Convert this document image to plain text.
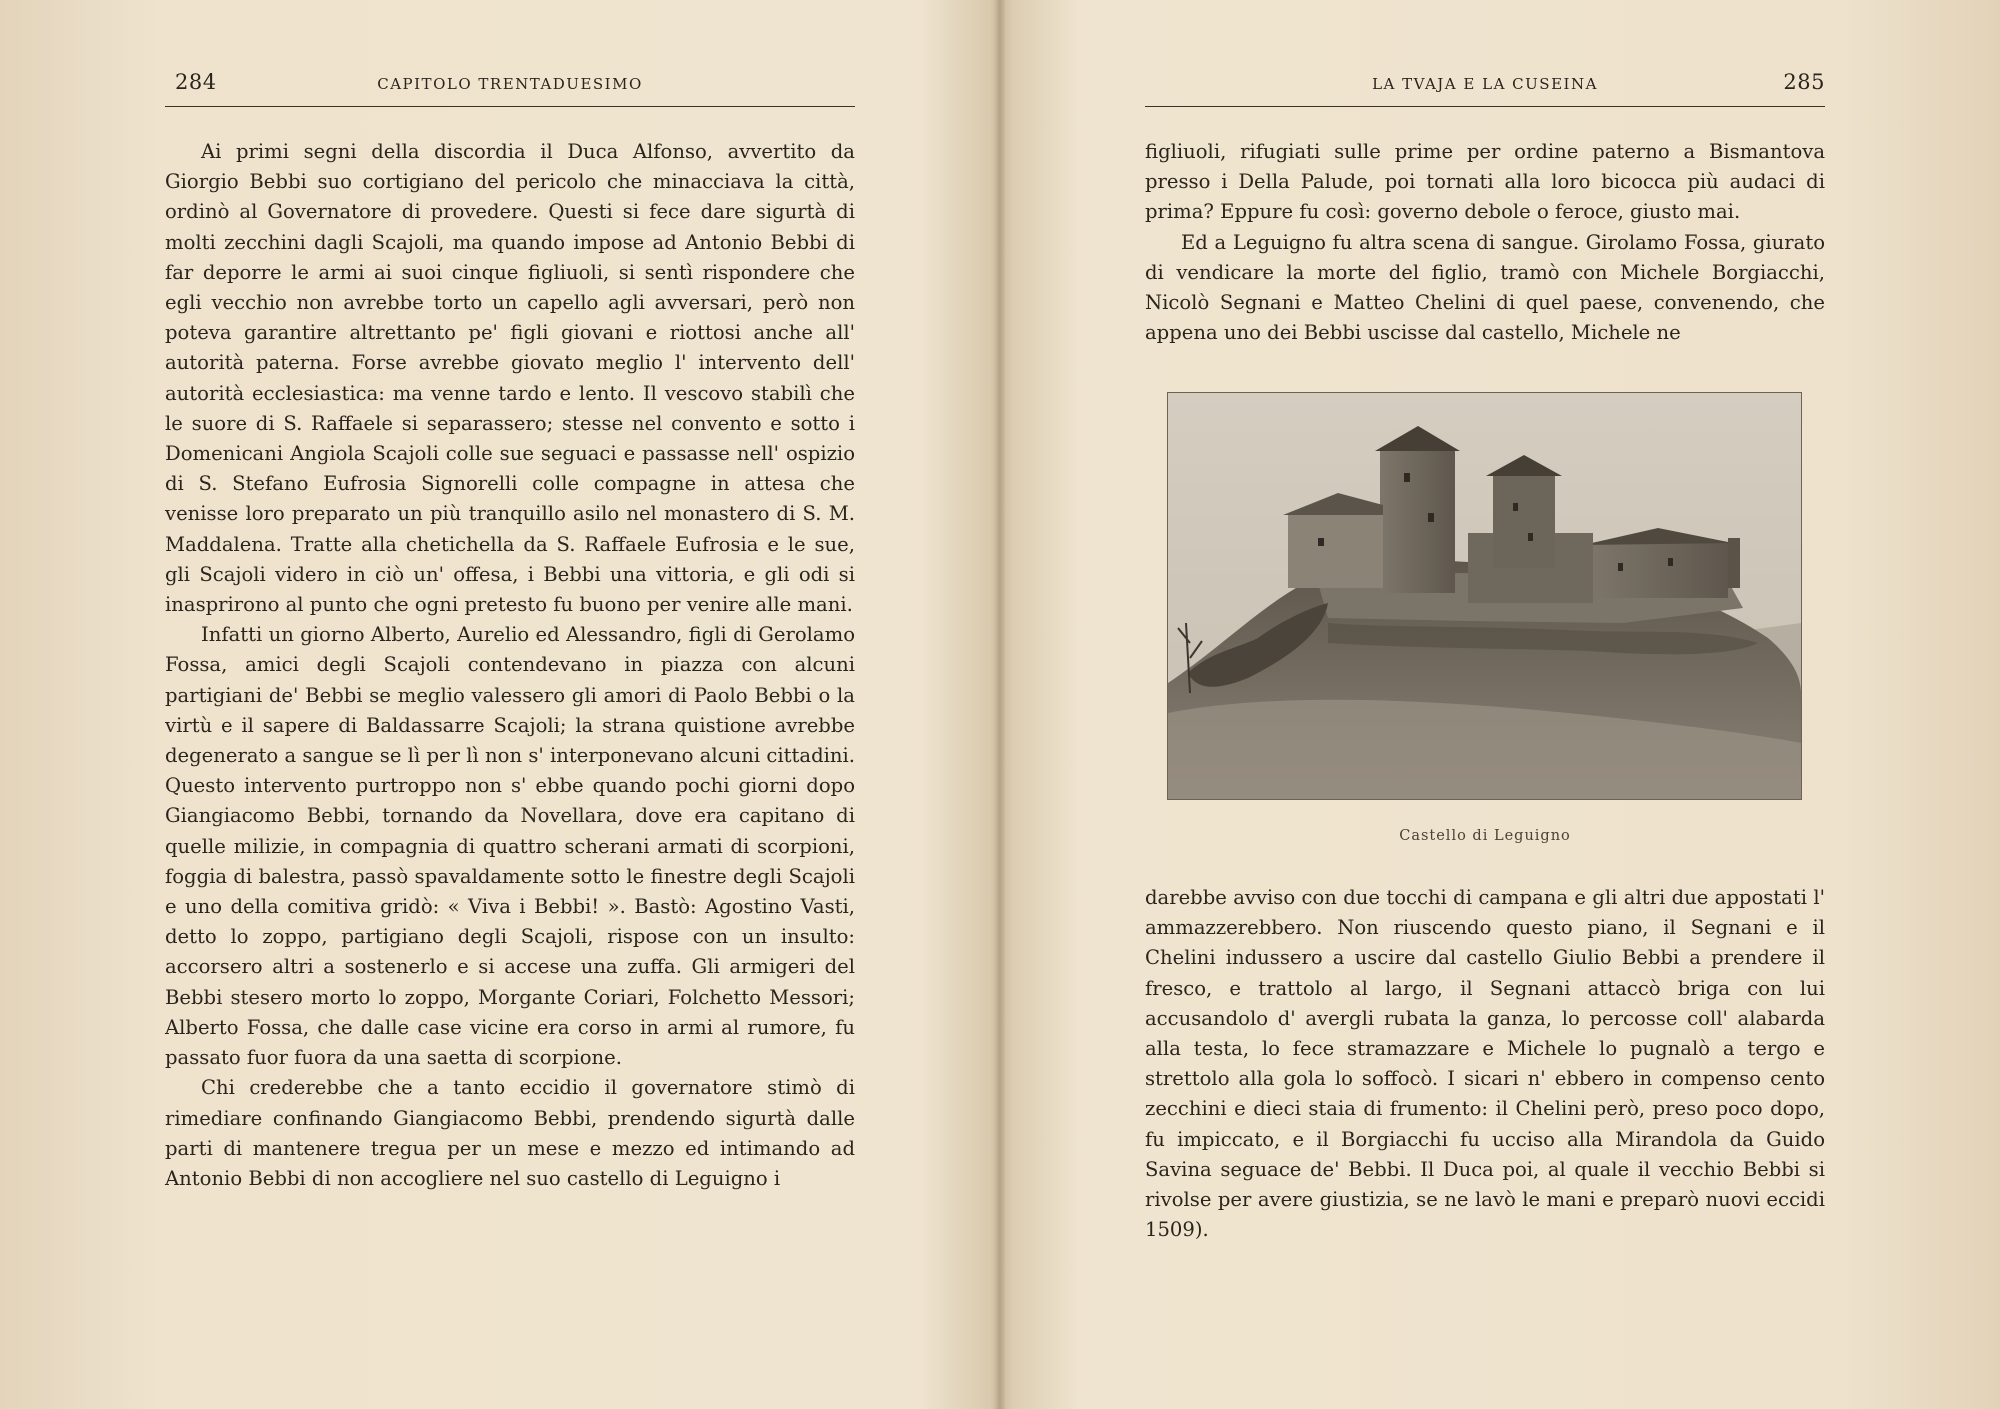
284	CAPITOLO TRENTADUESIMO

Ai primi segni della discordia il Duca Alfonso, avvertito da Giorgio Bebbi suo cortigiano del pericolo che minacciava la città, ordinò al Governatore di provedere. Questi si fece dare sigurtà di molti zecchini dagli Scajoli, ma quando impose ad Antonio Bebbi di far deporre le armi ai suoi cinque figliuoli, si sentì rispondere che egli vecchio non avrebbe torto un capello agli avversari, però non poteva garantire altrettanto pe' figli giovani e riottosi anche all' autorità paterna. Forse avrebbe giovato meglio l' intervento dell' autorità ecclesiastica: ma venne tardo e lento. Il vescovo stabilì che le suore di S. Raffaele si separassero; stesse nel convento e sotto i Domenicani Angiola Scajoli colle sue seguaci e passasse nell' ospizio di S. Stefano Eufrosia Signorelli colle compagne in attesa che venisse loro preparato un più tranquillo asilo nel monastero di S. M. Maddalena. Tratte alla chetichella da S. Raffaele Eufrosia e le sue, gli Scajoli videro in ciò un' offesa, i Bebbi una vittoria, e gli odi si inasprirono al punto che ogni pretesto fu buono per venire alle mani.

Infatti un giorno Alberto, Aurelio ed Alessandro, figli di Gerolamo Fossa, amici degli Scajoli contendevano in piazza con alcuni partigiani de' Bebbi se meglio valessero gli amori di Paolo Bebbi o la virtù e il sapere di Baldassarre Scajoli; la strana quistione avrebbe degenerato a sangue se lì per lì non s' interponevano alcuni cittadini. Questo intervento purtroppo non s' ebbe quando pochi giorni dopo Giangiacomo Bebbi, tornando da Novellara, dove era capitano di quelle milizie, in compagnia di quattro scherani armati di scorpioni, foggia di balestra, passò spavaldamente sotto le finestre degli Scajoli e uno della comitiva gridò: « Viva i Bebbi! ». Bastò: Agostino Vasti, detto lo zoppo, partigiano degli Scajoli, rispose con un insulto: accorsero altri a sostenerlo e si accese una zuffa. Gli armigeri del Bebbi stesero morto lo zoppo, Morgante Coriari, Folchetto Messori; Alberto Fossa, che dalle case vicine era corso in armi al rumore, fu passato fuor fuora da una saetta di scorpione.

Chi crederebbe che a tanto eccidio il governatore stimò di rimediare confinando Giangiacomo Bebbi, prendendo sigurtà dalle parti di mantenere tregua per un mese e mezzo ed intimando ad Antonio Bebbi di non accogliere nel suo castello di Leguigno i

LA TVAJA E LA CUSEINA	285

figliuoli, rifugiati sulle prime per ordine paterno a Bismantova presso i Della Palude, poi tornati alla loro bicocca più audaci di prima? Eppure fu così: governo debole o feroce, giusto mai.

Ed a Leguigno fu altra scena di sangue. Girolamo Fossa, giurato di vendicare la morte del figlio, tramò con Michele Borgiacchi, Nicolò Segnani e Matteo Chelini di quel paese, convenendo, che appena uno dei Bebbi uscisse dal castello, Michele ne

Castello di Leguigno

darebbe avviso con due tocchi di campana e gli altri due appostati l' ammazzerebbero. Non riuscendo questo piano, il Segnani e il Chelini indussero a uscire dal castello Giulio Bebbi a prendere il fresco, e trattolo al largo, il Segnani attaccò briga con lui accusandolo d' avergli rubata la ganza, lo percosse coll' alabarda alla testa, lo fece stramazzare e Michele lo pugnalò a tergo e strettolo alla gola lo soffocò. I sicari n' ebbero in compenso cento zecchini e dieci staia di frumento: il Chelini però, preso poco dopo, fu impiccato, e il Borgiacchi fu ucciso alla Mirandola da Guido Savina seguace de' Bebbi. Il Duca poi, al quale il vecchio Bebbi si rivolse per avere giustizia, se ne lavò le mani e preparò nuovi eccidi 1509).
